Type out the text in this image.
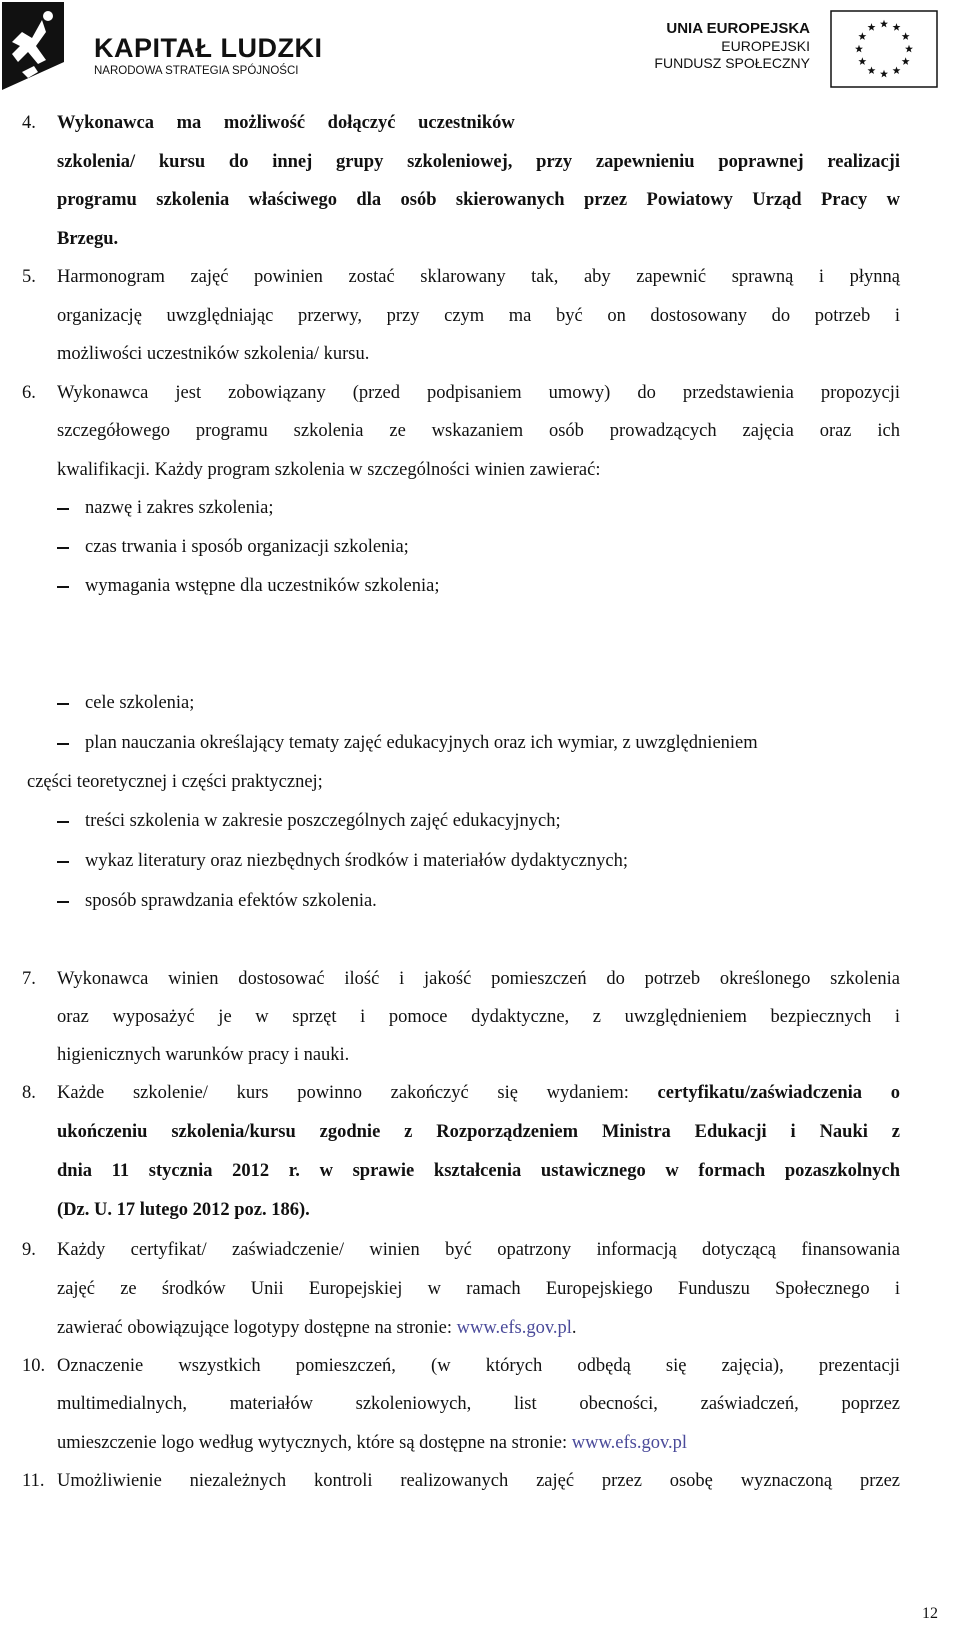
KAPITAŁ LUDZKI
NARODOWA STRATEGIA SPÓJNOŚCI
UNIA EUROPEJSKA
EUROPEJSKI
FUNDUSZ SPOŁECZNY
4. Wykonawca ma możliwość dołączyć uczestników
szkolenia/ kursu do innej grupy szkoleniowej, przy zapewnieniu poprawnej realizacji
programu szkolenia właściwego dla osób skierowanych przez Powiatowy Urząd Pracy w
Brzegu.
5. Harmonogram zajęć powinien zostać sklarowany tak, aby zapewnić sprawną i płynną
organizację uwzględniając przerwy, przy czym ma być on dostosowany do potrzeb i
możliwości uczestników szkolenia/ kursu.
6. Wykonawca jest zobowiązany (przed podpisaniem umowy) do przedstawienia propozycji
szczegółowego programu szkolenia ze wskazaniem osób prowadzących zajęcia oraz ich
kwalifikacji. Każdy program szkolenia w szczególności winien zawierać:
nazwę i zakres szkolenia;
czas trwania i sposób organizacji szkolenia;
wymagania wstępne dla uczestników szkolenia;
cele szkolenia;
plan nauczania określający tematy zajęć edukacyjnych oraz ich wymiar, z uwzględnieniem
części teoretycznej i części praktycznej;
treści szkolenia w zakresie poszczególnych zajęć edukacyjnych;
wykaz literatury oraz niezbędnych środków i materiałów dydaktycznych;
sposób sprawdzania efektów szkolenia.
7. Wykonawca winien dostosować ilość i jakość pomieszczeń do potrzeb określonego szkolenia
oraz wyposażyć je w sprzęt i pomoce dydaktyczne, z uwzględnieniem bezpiecznych i
higienicznych warunków pracy i nauki.
8. Każde szkolenie/ kurs powinno zakończyć się wydaniem: certyfikatu/zaświadczenia o
ukończeniu szkolenia/kursu zgodnie z Rozporządzeniem Ministra Edukacji i Nauki z
dnia 11 stycznia 2012 r. w sprawie kształcenia ustawicznego w formach pozaszkolnych
(Dz. U. 17 lutego 2012 poz. 186).
9. Każdy certyfikat/ zaświadczenie/ winien być opatrzony informacją dotyczącą finansowania
zajęć ze środków Unii Europejskiej w ramach Europejskiego Funduszu Społecznego i
zawierać obowiązujące logotypy dostępne na stronie: www.efs.gov.pl.
10. Oznaczenie wszystkich pomieszczeń, (w których odbędą się zajęcia), prezentacji
multimedialnych, materiałów szkoleniowych, list obecności, zaświadczeń, poprzez
umieszczenie logo według wytycznych, które są dostępne na stronie: www.efs.gov.pl
11. Umożliwienie niezależnych kontroli realizowanych zajęć przez osobę wyznaczoną przez
12
